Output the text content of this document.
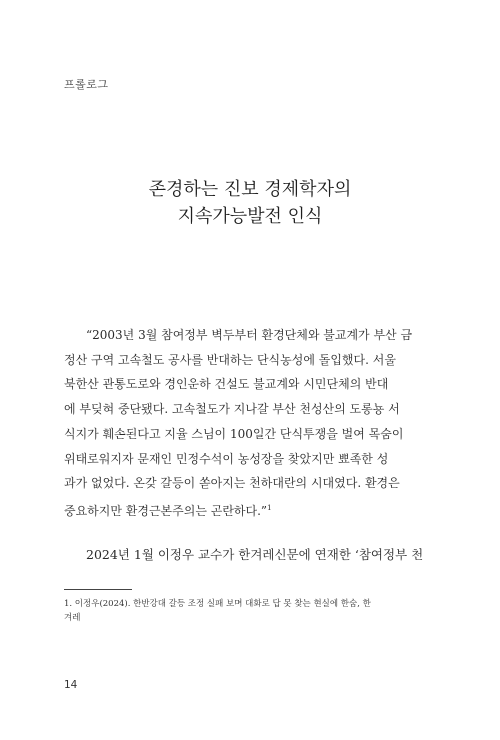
프롤로그
존경하는 진보 경제학자의
지속가능발전 인식
“2003년 3월 참여정부 벽두부터 환경단체와 불교계가 부산 금
정산 구역 고속철도 공사를 반대하는 단식농성에 돌입했다. 서울
북한산 관통도로와 경인운하 건설도 불교계와 시민단체의 반대
에 부딪혀 중단됐다. 고속철도가 지나갈 부산 천성산의 도롱뇽 서
식지가 훼손된다고 지율 스님이 100일간 단식투쟁을 벌여 목숨이
위태로워지자 문재인 민정수석이 농성장을 찾았지만 뾰족한 성
과가 없었다. 온갖 갈등이 쏟아지는 천하대란의 시대였다. 환경은
중요하지만 환경근본주의는 곤란하다.”$^1$
2024년 1월 이정우 교수가 한겨레신문에 연재한 ‘참여정부 천
1. 이정우(2024). 한반강대 갈등 조정 실패 보며 대화로 답 못 찾는 현실에 한숨, 한
겨레
14
